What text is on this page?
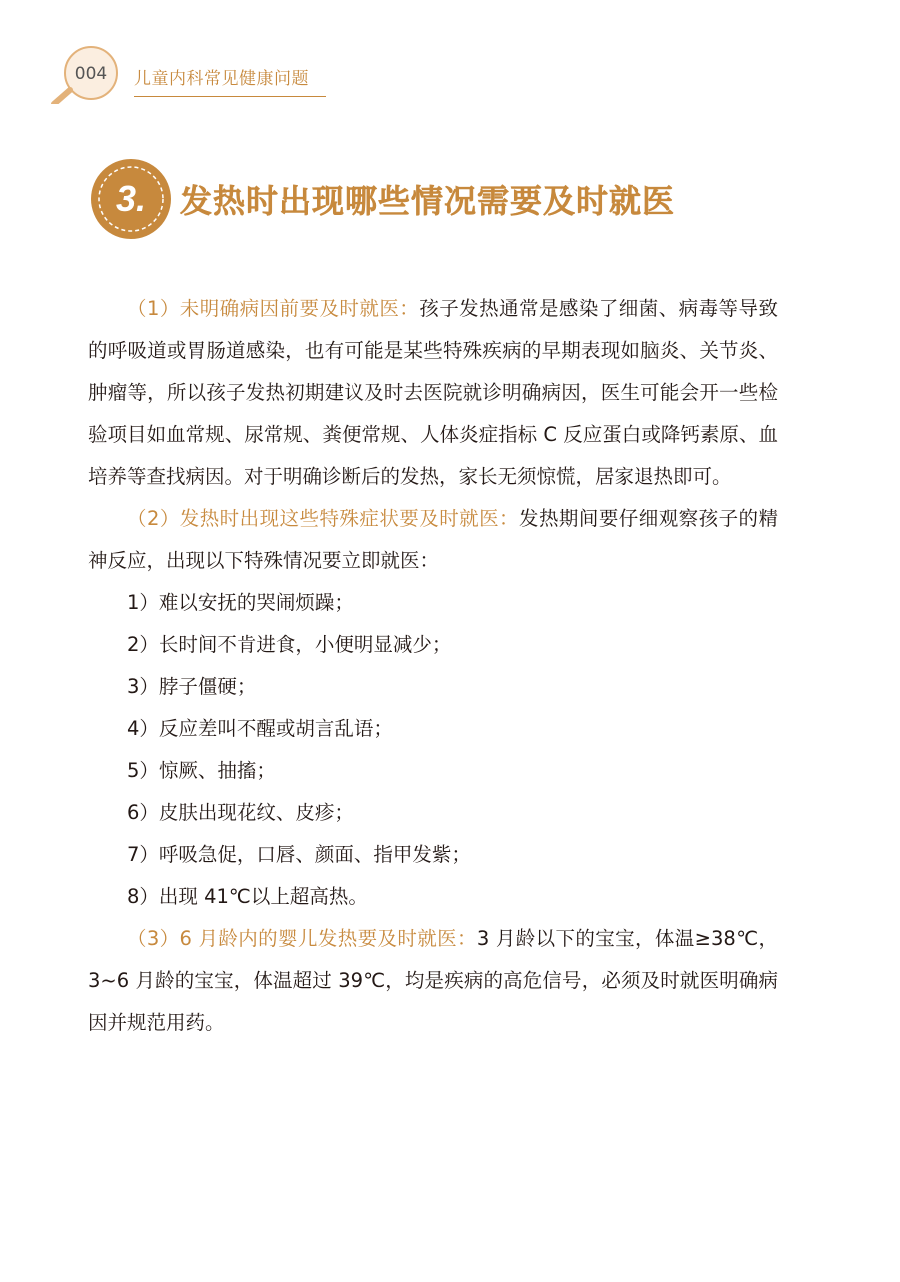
004	儿童内科常见健康问题
3.	发热时出现哪些情况需要及时就医

（1）未明确病因前要及时就医：孩子发热通常是感染了细菌、病毒等导致的呼吸道或胃肠道感染，也有可能是某些特殊疾病的早期表现如脑炎、关节炎、肿瘤等，所以孩子发热初期建议及时去医院就诊明确病因，医生可能会开一些检验项目如血常规、尿常规、粪便常规、人体炎症指标 C 反应蛋白或降钙素原、血培养等查找病因。对于明确诊断后的发热，家长无须惊慌，居家退热即可。

（2）发热时出现这些特殊症状要及时就医：发热期间要仔细观察孩子的精神反应，出现以下特殊情况要立即就医：

1）难以安抚的哭闹烦躁；

2）长时间不肯进食，小便明显减少；

3）脖子僵硬；

4）反应差叫不醒或胡言乱语；

5）惊厥、抽搐；

6）皮肤出现花纹、皮疹；

7）呼吸急促，口唇、颜面、指甲发紫；

8）出现 41℃以上超高热。

（3）6 月龄内的婴儿发热要及时就医：3 月龄以下的宝宝，体温≥38℃，3~6 月龄的宝宝，体温超过 39℃，均是疾病的高危信号，必须及时就医明确病因并规范用药。
